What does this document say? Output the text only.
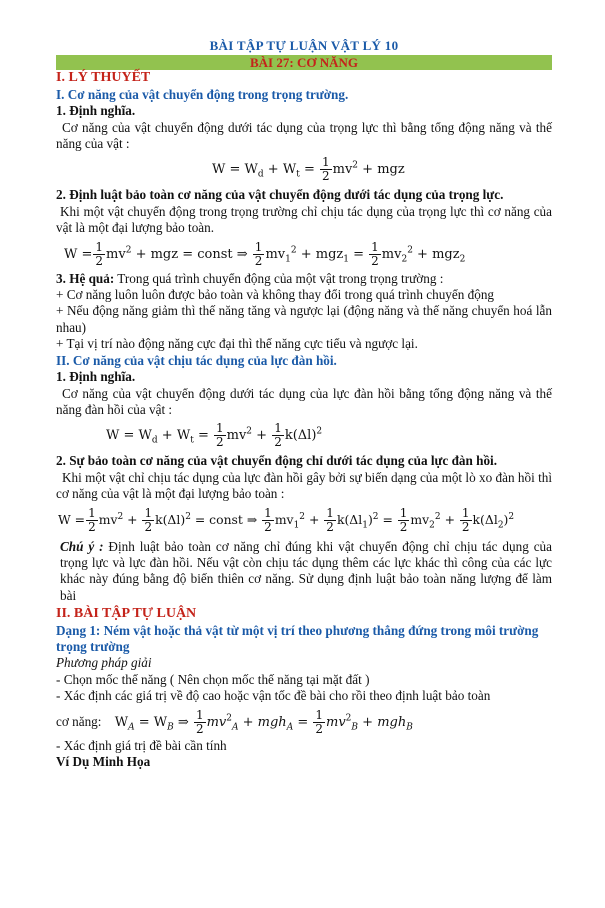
BÀI TẬP TỰ LUẬN VẬT LÝ 10
BÀI 27: CƠ NĂNG
I. LÝ THUYẾT
I. Cơ năng của vật chuyển động trong trọng trường.
1. Định nghĩa.

Cơ năng của vật chuyển động dưới tác dụng của trọng lực thì bằng tổng động năng và thế năng của vật :

$W = W_d + W_t = \frac{1}{2} mv^2$ + mgz
2. Định luật bảo toàn cơ năng của vật chuyển động dưới tác dụng của trọng lực.

Khi một vật chuyển động trong trọng trường chỉ chịu tác dụng của trọng lực thì cơ năng của vật là một đại lượng bảo toàn.

$W = \frac{1}{2} mv^2$ + mgz = const ⇒ $\frac{1}{2} mv_1^2 + mgz_1 = \frac{1}{2} mv_2^2 + mgz_2$

3. Hệ quả: Trong quá trình chuyển động của một vật trong trọng trường :

+ Cơ năng luôn luôn được bảo toàn và không thay đổi trong quá trình chuyển động

+ Nếu động năng giảm thì thế năng tăng và ngược lại (động năng và thế năng chuyển hoá lẫn nhau)

+ Tại vị trí nào động năng cực đại thì thế năng cực tiểu và ngược lại.

II. Cơ năng của vật chịu tác dụng của lực đàn hồi.
1. Định nghĩa.

Cơ năng của vật chuyển động dưới tác dụng của lực đàn hồi bằng tổng động năng và thế năng đàn hồi của vật :

$W = W_d + W_t = \frac{1}{2} mv^2 + \frac{1}{2} k(\Delta l)^2$
2. Sự bảo toàn cơ năng của vật chuyển động chỉ dưới tác dụng của lực đàn hồi.

Khi một vật chỉ chịu tác dụng của lực đàn hồi gây bởi sự biến dạng của một lò xo đàn hồi thì cơ năng của vật là một đại lượng bảo toàn :

$W = \frac{1}{2} mv^2 + \frac{1}{2} k(\Delta l)^2$ = const ⇒ $\frac{1}{2} mv_1^2 + \frac{1}{2} k(\Delta l_1)^2 = \frac{1}{2} mv_2^2 + \frac{1}{2} k(\Delta l_2)^2$

Chú ý : Định luật bảo toàn cơ năng chỉ đúng khi vật chuyển động chỉ chịu tác dụng của trọng lực và lực đàn hồi. Nếu vật còn chịu tác dụng thêm các lực khác thì công của các lực khác này đúng bằng độ biến thiên cơ năng. Sử dụng định luật bảo toàn năng lượng để làm bài

II. BÀI TẬP TỰ LUẬN
Dạng 1: Ném vật hoặc thả vật từ một vị trí theo phương thẳng đứng trong môi trường trọng trường
Phương pháp giải

- Chọn mốc thế năng ( Nên chọn mốc thế năng tại mặt đất )

- Xác định các giá trị về độ cao hoặc vận tốc đề bài cho rồi theo định luật bảo toàn

cơ năng: $W_A = W_B$ ⇒ $\frac{1}{2} mv^2_A + mgh_A = \frac{1}{2} mv^2_B + mgh_B$

- Xác định giá trị đề bài cần tính

Ví Dụ Minh Họa
